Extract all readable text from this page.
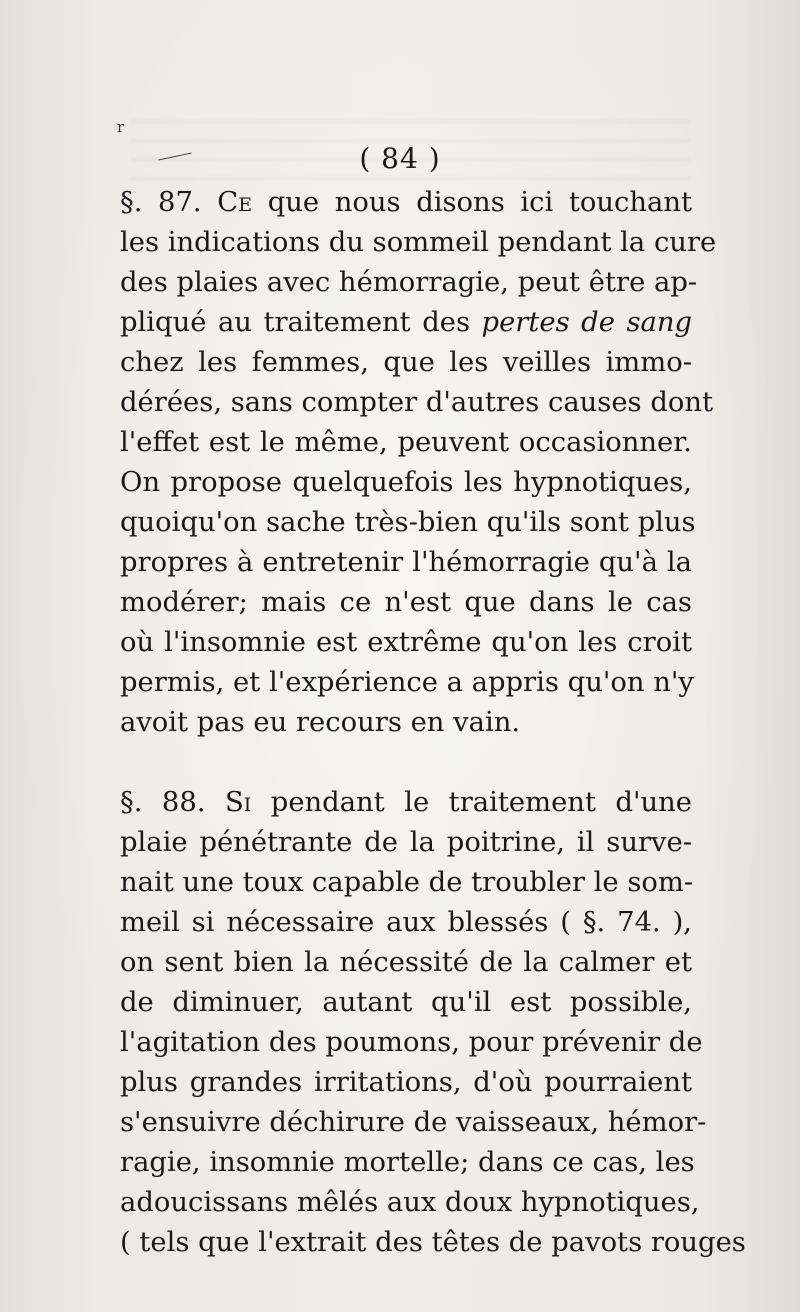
r
( 84 )
§. 87. Ce que nous disons ici touchant
les indications du sommeil pendant la cure
des plaies avec hémorragie, peut être ap-
pliqué au traitement des pertes de sang
chez les femmes, que les veilles immo-
dérées, sans compter d'autres causes dont
l'effet est le même, peuvent occasionner.
On propose quelquefois les hypnotiques,
quoiqu'on sache très-bien qu'ils sont plus
propres à entretenir l'hémorragie qu'à la
modérer; mais ce n'est que dans le cas
où l'insomnie est extrême qu'on les croit
permis, et l'expérience a appris qu'on n'y
avoit pas eu recours en vain.
§. 88. Si pendant le traitement d'une
plaie pénétrante de la poitrine, il surve-
nait une toux capable de troubler le som-
meil si nécessaire aux blessés ( §. 74. ),
on sent bien la nécessité de la calmer et
de diminuer, autant qu'il est possible,
l'agitation des poumons, pour prévenir de
plus grandes irritations, d'où pourraient
s'ensuivre déchirure de vaisseaux, hémor-
ragie, insomnie mortelle; dans ce cas, les
adoucissans mêlés aux doux hypnotiques,
( tels que l'extrait des têtes de pavots rouges
